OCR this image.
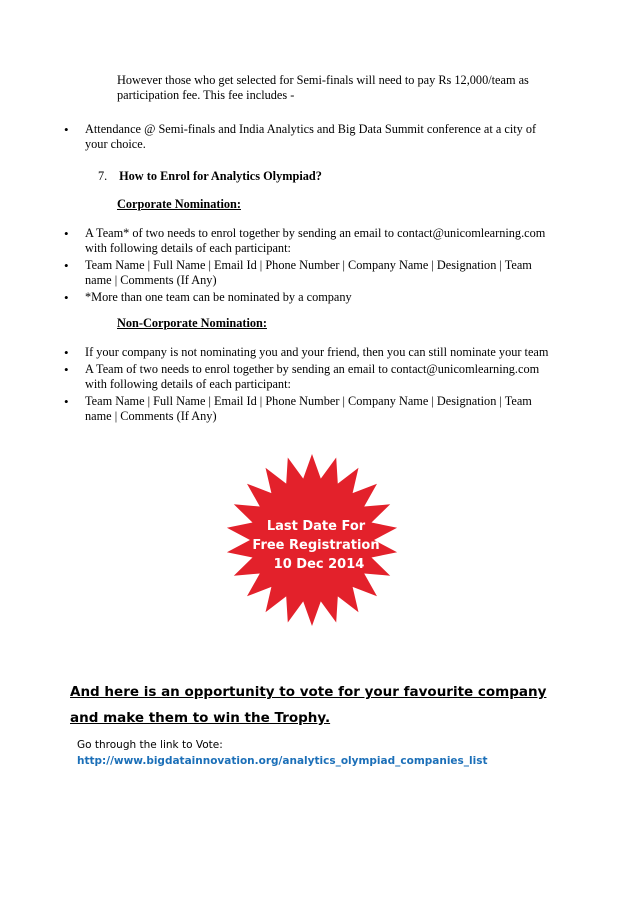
However those who get selected for Semi-finals will need to pay Rs 12,000/team as
participation fee. This fee includes -
• Attendance @ Semi-finals and India Analytics and Big Data Summit conference at a city of your choice.
7. How to Enrol for Analytics Olympiad?
Corporate Nomination:
• A Team* of two needs to enrol together by sending an email to contact@unicomlearning.com with following details of each participant:
• Team Name | Full Name | Email Id | Phone Number | Company Name | Designation | Team name | Comments (If Any)
• *More than one team can be nominated by a company
Non-Corporate Nomination:
• If your company is not nominating you and your friend, then you can still nominate your team
• A Team of two needs to enrol together by sending an email to contact@unicomlearning.com with following details of each participant:
• Team Name | Full Name | Email Id | Phone Number | Company Name | Designation | Team name | Comments (If Any)
Last Date For
Free Registration
10 Dec 2014
And here is an opportunity to vote for your favourite company and make them to win the Trophy.
Go through the link to Vote:
http://www.bigdatainnovation.org/analytics_olympiad_companies_list
